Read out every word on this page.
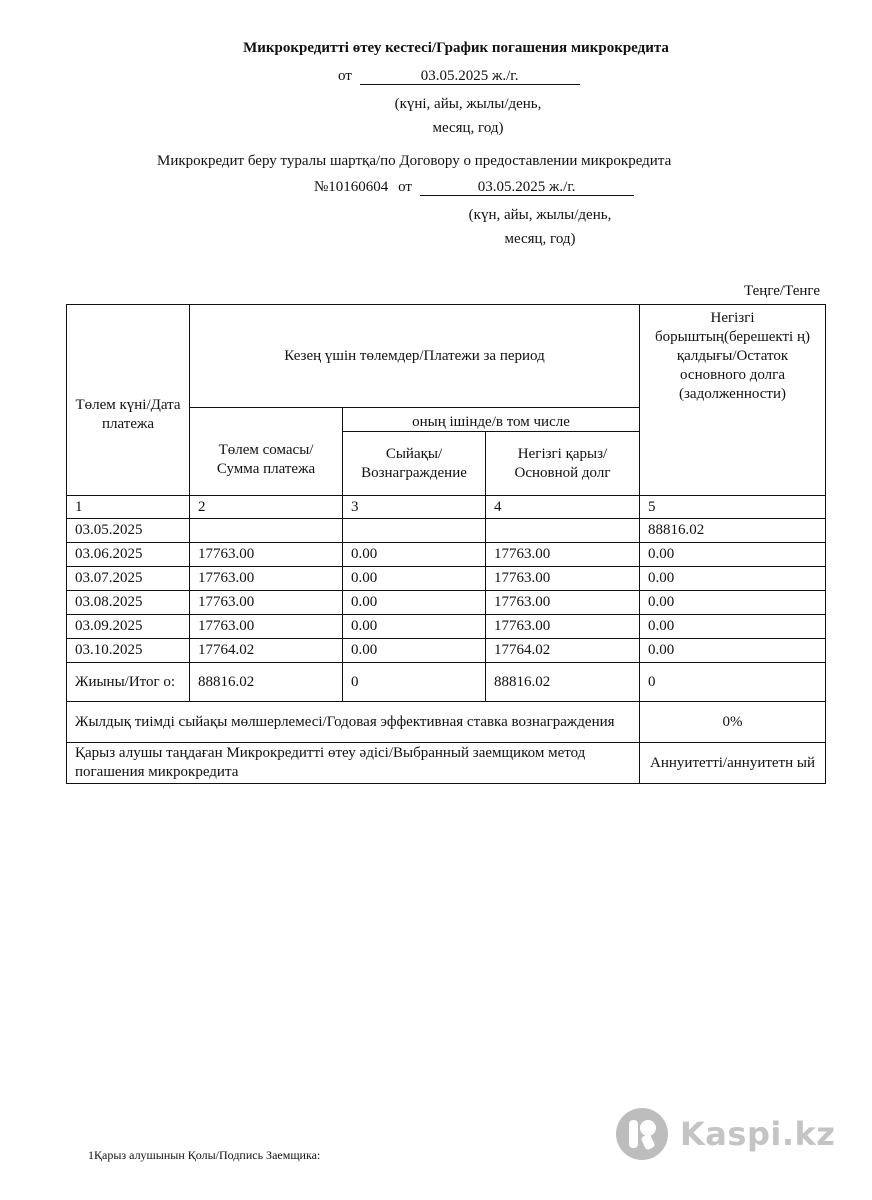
Микрокредитті өтеу кестесі/График погашения микрокредита
от	03.05.2025 ж./г.
(күні, айы, жылы/день,
месяц, год)
Микрокредит беру туралы шартқа/по Договору о предоставлении микрокредита
№10160604 от	03.05.2025 ж./г.
(күн, айы, жылы/день,
месяц, год)
Теңге/Тенге
Төлем күні/Дата платежа	Кезең үшін төлемдер/Платежи за период			Негізгі борыштың(берешекті ң) қалдығы/Остаток основного долга (задолженности)
	Төлем сомасы/Сумма платежа	оның ішінде/в том числе		
		Сыйақы/ Вознаграждение	Негізгі қарыз/Основной долг	
1	2	3	4	5
03.05.2025				88816.02
03.06.2025	17763.00	0.00	17763.00	0.00
03.07.2025	17763.00	0.00	17763.00	0.00
03.08.2025	17763.00	0.00	17763.00	0.00
03.09.2025	17763.00	0.00	17763.00	0.00
03.10.2025	17764.02	0.00	17764.02	0.00
Жиыны/Итог о:	88816.02	0	88816.02	0
Жылдық тиімді сыйақы мөлшерлемесі/Годовая эффективная ставка вознаграждения				0%
Қарыз алушы таңдаған Микрокредитті өтеу әдісі/Выбранный заемщиком метод погашения микрокредита				Аннуитетті/аннуитетн ый
Kaspi.kz
1Қарыз алушынын Қолы/Подпись Заемщика:
